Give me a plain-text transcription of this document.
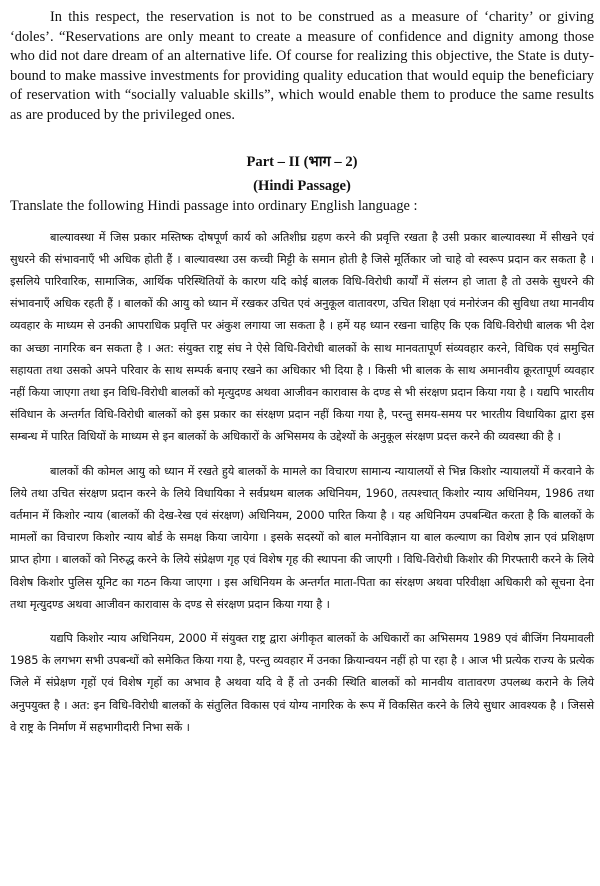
In this respect, the reservation is not to be construed as a measure of ‘charity’ or giving ‘doles’. “Reservations are only meant to create a measure of confidence and dignity among those who did not dare dream of an alternative life. Of course for realizing this objective, the State is duty-bound to make massive investments for providing quality education that would equip the beneficiary of reservation with “socially valuable skills”, which would enable them to produce the same results as are produced by the privileged ones.

Part – II (भाग – 2)

(Hindi Passage)

Translate the following Hindi passage into ordinary English language :

बाल्यावस्था में जिस प्रकार मस्तिष्क दोषपूर्ण कार्य को अतिशीघ्र ग्रहण करने की प्रवृत्ति रखता है उसी प्रकार बाल्यावस्था में सीखने एवं सुधरने की संभावनाएँ भी अधिक होती हैं । बाल्यावस्था उस कच्ची मिट्टी के समान होती है जिसे मूर्तिकार जो चाहे वो स्वरूप प्रदान कर सकता है । इसलिये पारिवारिक, सामाजिक, आर्थिक परिस्थितियों के कारण यदि कोई बालक विधि-विरोधी कार्यों में संलग्न हो जाता है तो उसके सुधरने की संभावनाएँ अधिक रहती हैं । बालकों की आयु को ध्यान में रखकर उचित एवं अनुकूल वातावरण, उचित शिक्षा एवं मनोरंजन की सुविधा तथा मानवीय व्यवहार के माध्यम से उनकी आपराधिक प्रवृत्ति पर अंकुश लगाया जा सकता है । हमें यह ध्यान रखना चाहिए कि एक विधि-विरोधी बालक भी देश का अच्छा नागरिक बन सकता है । अत: संयुक्त राष्ट्र संघ ने ऐसे विधि-विरोधी बालकों के साथ मानवतापूर्ण संव्यवहार करने, विधिक एवं समुचित सहायता तथा उसको अपने परिवार के साथ सम्पर्क बनाए रखने का अधिकार भी दिया है । किसी भी बालक के साथ अमानवीय क्रूरतापूर्ण व्यवहार नहीं किया जाएगा तथा इन विधि-विरोधी बालकों को मृत्युदण्ड अथवा आजीवन कारावास के दण्ड से भी संरक्षण प्रदान किया गया है । यद्यपि भारतीय संविधान के अन्तर्गत विधि-विरोधी बालकों को इस प्रकार का संरक्षण प्रदान नहीं किया गया है, परन्तु समय-समय पर भारतीय विधायिका द्वारा इस सम्बन्ध में पारित विधियों के माध्यम से इन बालकों के अधिकारों के अभिसमय के उद्देश्यों के अनुकूल संरक्षण प्रदत्त करने की व्यवस्था की है ।

बालकों की कोमल आयु को ध्यान में रखते हुये बालकों के मामले का विचारण सामान्य न्यायालयों से भिन्न किशोर न्यायालयों में करवाने के लिये तथा उचित संरक्षण प्रदान करने के लिये विधायिका ने सर्वप्रथम बालक अधिनियम, 1960, तत्पश्चात् किशोर न्याय अधिनियम, 1986 तथा वर्तमान में किशोर न्याय (बालकों की देख-रेख एवं संरक्षण) अधिनियम, 2000 पारित किया है । यह अधिनियम उपबन्धित करता है कि बालकों के मामलों का विचारण किशोर न्याय बोर्ड के समक्ष किया जायेगा । इसके सदस्यों को बाल मनोविज्ञान या बाल कल्याण का विशेष ज्ञान एवं प्रशिक्षण प्राप्त होगा । बालकों को निरुद्ध करने के लिये संप्रेक्षण गृह एवं विशेष गृह की स्थापना की जाएगी । विधि-विरोधी किशोर की गिरफ्तारी करने के लिये विशेष किशोर पुलिस यूनिट का गठन किया जाएगा । इस अधिनियम के अन्तर्गत माता-पिता का संरक्षण अथवा परिवीक्षा अधिकारी को सूचना देना तथा मृत्युदण्ड अथवा आजीवन कारावास के दण्ड से संरक्षण प्रदान किया गया है ।

यद्यपि किशोर न्याय अधिनियम, 2000 में संयुक्त राष्ट्र द्वारा अंगीकृत बालकों के अधिकारों का अभिसमय 1989 एवं बीजिंग नियमावली 1985 के लगभग सभी उपबन्धों को समेकित किया गया है, परन्तु व्यवहार में उनका क्रियान्वयन नहीं हो पा रहा है । आज भी प्रत्येक राज्य के प्रत्येक जिले में संप्रेक्षण गृहों एवं विशेष गृहों का अभाव है अथवा यदि वे हैं तो उनकी स्थिति बालकों को मानवीय वातावरण उपलब्ध कराने के लिये अनुपयुक्त है । अत: इन विधि-विरोधी बालकों के संतुलित विकास एवं योग्य नागरिक के रूप में विकसित करने के लिये सुधार आवश्यक है । जिससे वे राष्ट्र के निर्माण में सहभागीदारी निभा सकें ।
